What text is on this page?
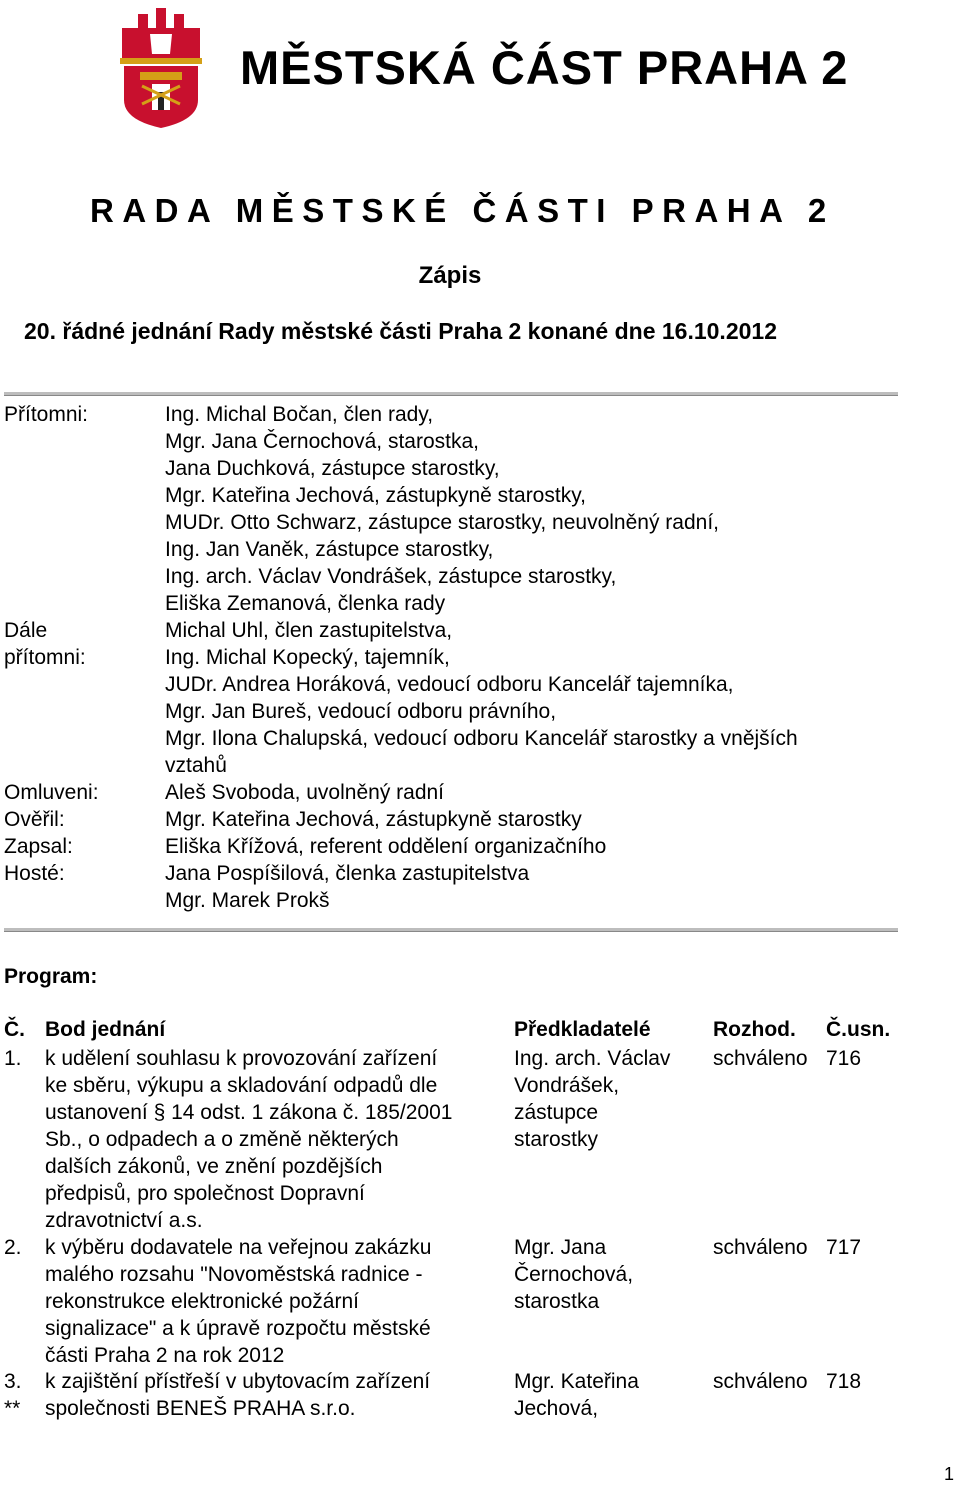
MĚSTSKÁ ČÁST PRAHA 2
RADA MĚSTSKÉ ČÁSTI PRAHA 2
Zápis
20. řádné jednání Rady městské části Praha 2 konané dne 16.10.2012
Přítomni:
Dále
přítomni:
Omluveni:
Ověřil:
Zapsal:
Hosté:
Ing. Michal Bočan, člen rady,
Mgr. Jana Černochová, starostka,
Jana Duchková, zástupce starostky,
Mgr. Kateřina Jechová, zástupkyně starostky,
MUDr. Otto Schwarz, zástupce starostky, neuvolněný radní,
Ing. Jan Vaněk, zástupce starostky,
Ing. arch. Václav Vondrášek, zástupce starostky,
Eliška Zemanová, členka rady
Michal Uhl, člen zastupitelstva,
Ing. Michal Kopecký, tajemník,
JUDr. Andrea Horáková, vedoucí odboru Kancelář tajemníka,
Mgr. Jan Bureš, vedoucí odboru právního,
Mgr. Ilona Chalupská, vedoucí odboru Kancelář starostky a vnějších
vztahů
Aleš Svoboda, uvolněný radní
Mgr. Kateřina Jechová, zástupkyně starostky
Eliška Křížová, referent oddělení organizačního
Jana Pospíšilová, členka zastupitelstva
Mgr. Marek Prokš
Program:
Č. Bod jednání	Předkladatelé	Rozhod. Č.usn.
1. k udělení souhlasu k provozování zařízení
ke sběru, výkupu a skladování odpadů dle
ustanovení § 14 odst. 1 zákona č. 185/2001
Sb., o odpadech a o změně některých
dalších zákonů, ve znění pozdějších
předpisů, pro společnost Dopravní
zdravotnictví a.s.
Ing. arch. Václav
Vondrášek,
zástupce
starostky
schváleno 716
2. k výběru dodavatele na veřejnou zakázku
malého rozsahu "Novoměstská radnice -
rekonstrukce elektronické požární
signalizace" a k úpravě rozpočtu městské
části Praha 2 na rok 2012
Mgr. Jana
Černochová,
starostka
schváleno 717
3.
**
k zajištění přístřeší v ubytovacím zařízení
společnosti BENEŠ PRAHA s.r.o.
Mgr. Kateřina
Jechová,
schváleno 718
1
